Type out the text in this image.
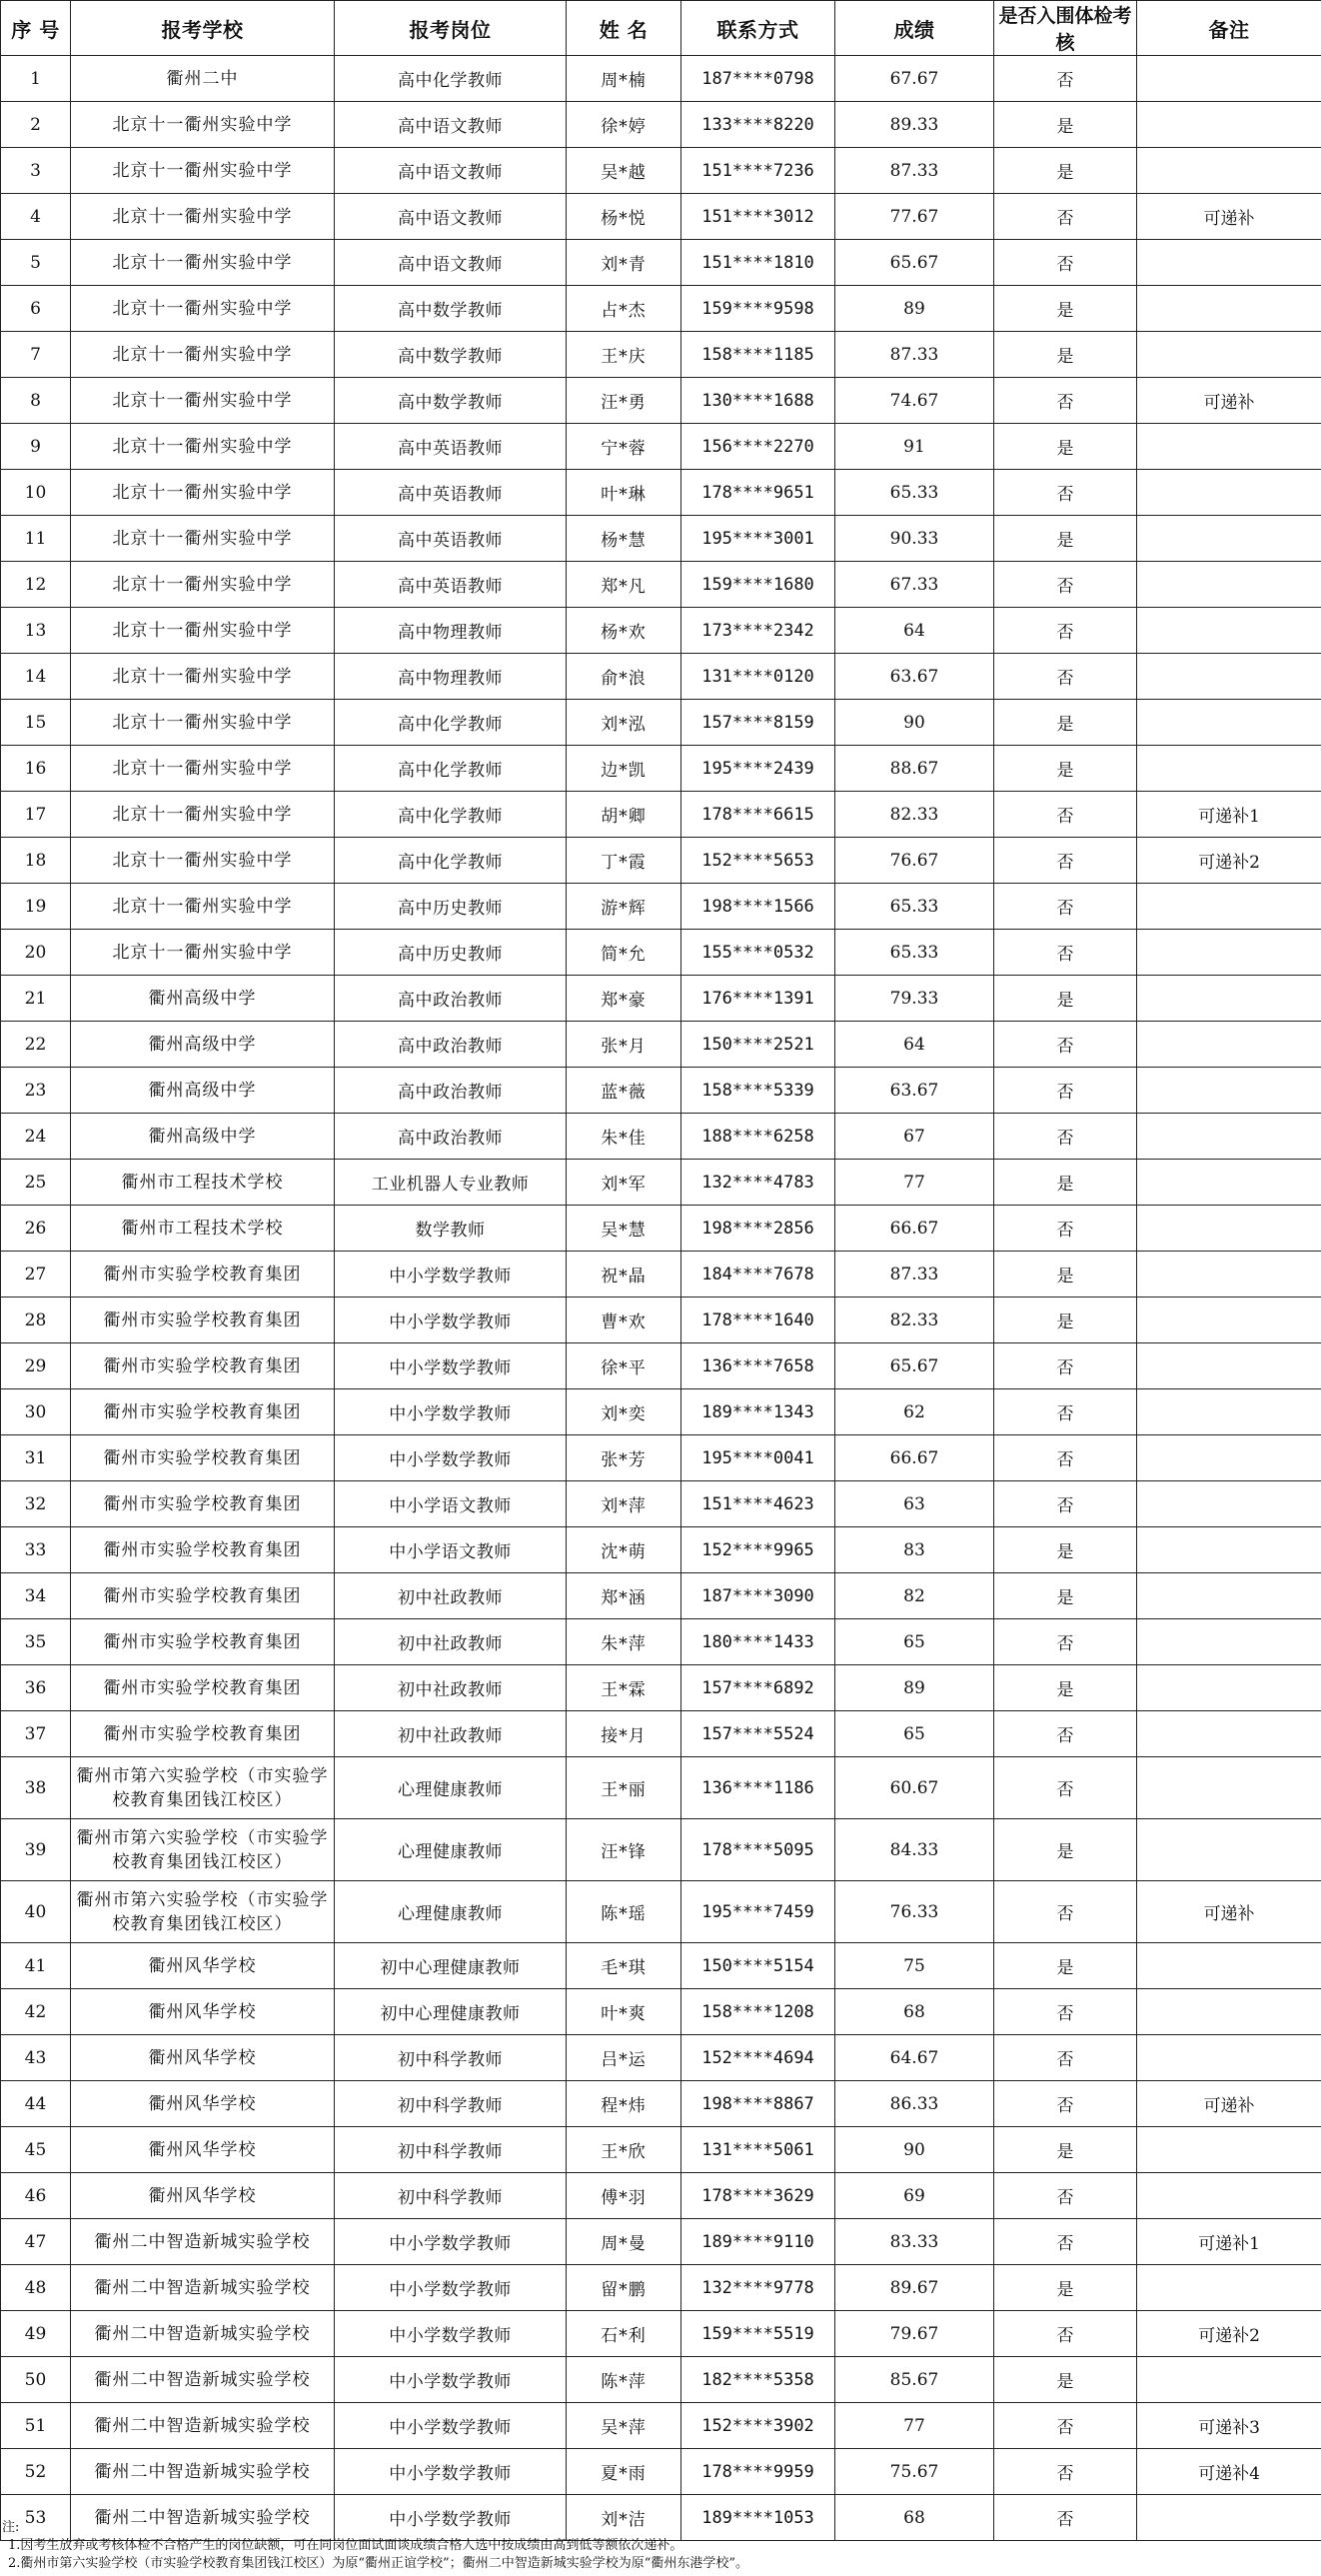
序 号	报考学校	报考岗位	姓 名	联系方式	成绩	是否入围体检考核	备注
1	衢州二中	高中化学教师	周*楠	187****0798	67.67	否	
2	北京十一衢州实验中学	高中语文教师	徐*婷	133****8220	89.33	是	
3	北京十一衢州实验中学	高中语文教师	吴*越	151****7236	87.33	是	
4	北京十一衢州实验中学	高中语文教师	杨*悦	151****3012	77.67	否	可递补
5	北京十一衢州实验中学	高中语文教师	刘*青	151****1810	65.67	否	
6	北京十一衢州实验中学	高中数学教师	占*杰	159****9598	89	是	
7	北京十一衢州实验中学	高中数学教师	王*庆	158****1185	87.33	是	
8	北京十一衢州实验中学	高中数学教师	汪*勇	130****1688	74.67	否	可递补
9	北京十一衢州实验中学	高中英语教师	宁*蓉	156****2270	91	是	
10	北京十一衢州实验中学	高中英语教师	叶*琳	178****9651	65.33	否	
11	北京十一衢州实验中学	高中英语教师	杨*慧	195****3001	90.33	是	
12	北京十一衢州实验中学	高中英语教师	郑*凡	159****1680	67.33	否	
13	北京十一衢州实验中学	高中物理教师	杨*欢	173****2342	64	否	
14	北京十一衢州实验中学	高中物理教师	俞*浪	131****0120	63.67	否	
15	北京十一衢州实验中学	高中化学教师	刘*泓	157****8159	90	是	
16	北京十一衢州实验中学	高中化学教师	边*凯	195****2439	88.67	是	
17	北京十一衢州实验中学	高中化学教师	胡*卿	178****6615	82.33	否	可递补1
18	北京十一衢州实验中学	高中化学教师	丁*霞	152****5653	76.67	否	可递补2
19	北京十一衢州实验中学	高中历史教师	游*辉	198****1566	65.33	否	
20	北京十一衢州实验中学	高中历史教师	简*允	155****0532	65.33	否	
21	衢州高级中学	高中政治教师	郑*豪	176****1391	79.33	是	
22	衢州高级中学	高中政治教师	张*月	150****2521	64	否	
23	衢州高级中学	高中政治教师	蓝*薇	158****5339	63.67	否	
24	衢州高级中学	高中政治教师	朱*佳	188****6258	67	否	
25	衢州市工程技术学校	工业机器人专业教师	刘*军	132****4783	77	是	
26	衢州市工程技术学校	数学教师	吴*慧	198****2856	66.67	否	
27	衢州市实验学校教育集团	中小学数学教师	祝*晶	184****7678	87.33	是	
28	衢州市实验学校教育集团	中小学数学教师	曹*欢	178****1640	82.33	是	
29	衢州市实验学校教育集团	中小学数学教师	徐*平	136****7658	65.67	否	
30	衢州市实验学校教育集团	中小学数学教师	刘*奕	189****1343	62	否	
31	衢州市实验学校教育集团	中小学数学教师	张*芳	195****0041	66.67	否	
32	衢州市实验学校教育集团	中小学语文教师	刘*萍	151****4623	63	否	
33	衢州市实验学校教育集团	中小学语文教师	沈*萌	152****9965	83	是	
34	衢州市实验学校教育集团	初中社政教师	郑*涵	187****3090	82	是	
35	衢州市实验学校教育集团	初中社政教师	朱*萍	180****1433	65	否	
36	衢州市实验学校教育集团	初中社政教师	王*霖	157****6892	89	是	
37	衢州市实验学校教育集团	初中社政教师	接*月	157****5524	65	否	
38	衢州市第六实验学校（市实验学校教育集团钱江校区）	心理健康教师	王*丽	136****1186	60.67	否	
39	衢州市第六实验学校（市实验学校教育集团钱江校区）	心理健康教师	汪*锋	178****5095	84.33	是	
40	衢州市第六实验学校（市实验学校教育集团钱江校区）	心理健康教师	陈*瑶	195****7459	76.33	否	可递补
41	衢州风华学校	初中心理健康教师	毛*琪	150****5154	75	是	
42	衢州风华学校	初中心理健康教师	叶*爽	158****1208	68	否	
43	衢州风华学校	初中科学教师	吕*运	152****4694	64.67	否	
44	衢州风华学校	初中科学教师	程*炜	198****8867	86.33	否	可递补
45	衢州风华学校	初中科学教师	王*欣	131****5061	90	是	
46	衢州风华学校	初中科学教师	傅*羽	178****3629	69	否	
47	衢州二中智造新城实验学校	中小学数学教师	周*曼	189****9110	83.33	否	可递补1
48	衢州二中智造新城实验学校	中小学数学教师	留*鹏	132****9778	89.67	是	
49	衢州二中智造新城实验学校	中小学数学教师	石*利	159****5519	79.67	否	可递补2
50	衢州二中智造新城实验学校	中小学数学教师	陈*萍	182****5358	85.67	是	
51	衢州二中智造新城实验学校	中小学数学教师	吴*萍	152****3902	77	否	可递补3
52	衢州二中智造新城实验学校	中小学数学教师	夏*雨	178****9959	75.67	否	可递补4
53	衢州二中智造新城实验学校	中小学数学教师	刘*洁	189****1053	68	否	
注:
1.因考生放弃或考核体检不合格产生的岗位缺额，可在同岗位面试面谈成绩合格人选中按成绩由高到低等额依次递补。
2.衢州市第六实验学校（市实验学校教育集团钱江校区）为原“衢州正谊学校”；衢州二中智造新城实验学校为原“衢州东港学校”。
